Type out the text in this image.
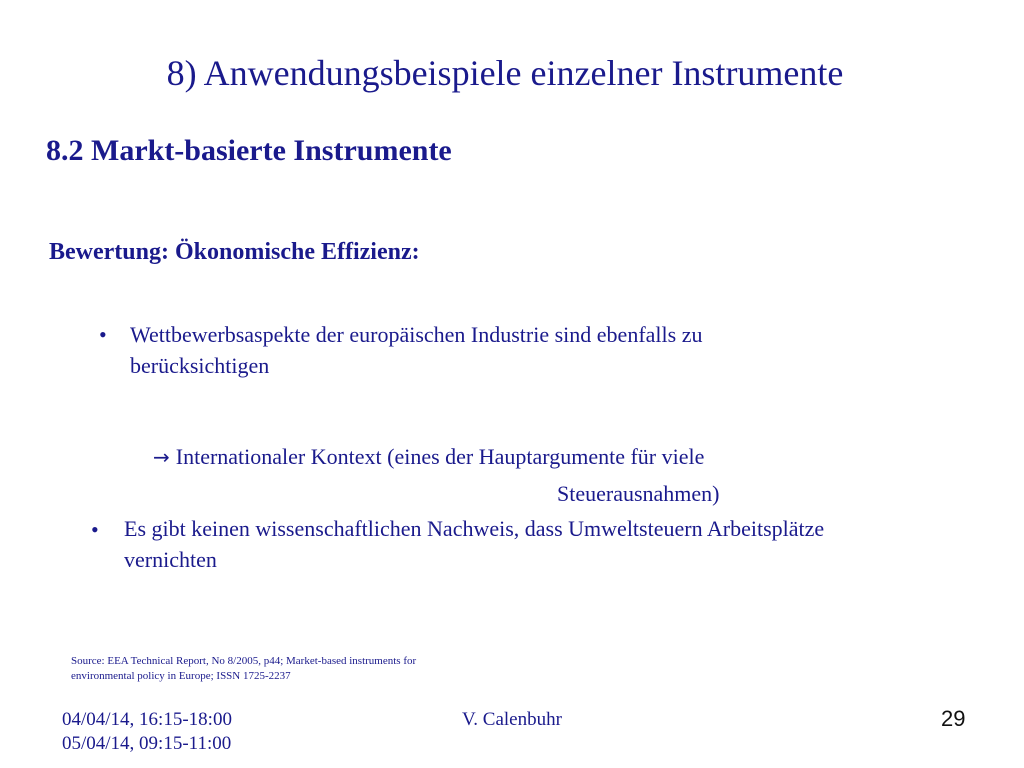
8) Anwendungsbeispiele einzelner Instrumente
8.2 Markt-basierte Instrumente
Bewertung: Ökonomische Effizienz:
• Wettbewerbsaspekte der europäischen Industrie sind ebenfalls zu
berücksichtigen
→ Internationaler Kontext (eines der Hauptargumente für viele
Steuerausnahmen)
• Es gibt keinen wissenschaftlichen Nachweis, dass Umweltsteuern Arbeitsplätze
vernichten
Source: EEA Technical Report, No 8/2005, p44; Market-based instruments for
environmental policy in Europe; ISSN 1725-2237
04/04/14, 16:15-18:00
05/04/14, 09:15-11:00
V. Calenbuhr	29
